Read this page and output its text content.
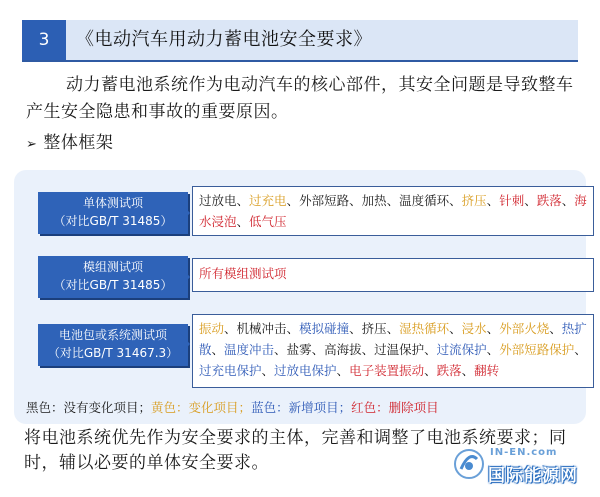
3	《电动汽车用动力蓄电池安全要求》
动力蓄电池系统作为电动汽车的核心部件，其安全问题是导致整车产生安全隐患和事故的重要原因。
➢ 整体框架
单体测试项
（对比GB/T 31485）
过放电、过充电、外部短路、加热、温度循环、挤压、针刺、跌落、海水浸泡、低气压
模组测试项
（对比GB/T 31485）
所有模组测试项
电池包或系统测试项
（对比GB/T 31467.3）
振动、机械冲击、模拟碰撞、挤压、湿热循环、浸水、外部火烧、热扩散、温度冲击、盐雾、高海拔、过温保护、过流保护、外部短路保护、过充电保护、过放电保护、电子装置振动、跌落、翻转
黑色：没有变化项目；黄色：变化项目；蓝色：新增项目；红色：删除项目
将电池系统优先作为安全要求的主体，完善和调整了电池系统要求；同时，辅以必要的单体安全要求。
IN-EN.com
国际能源网
